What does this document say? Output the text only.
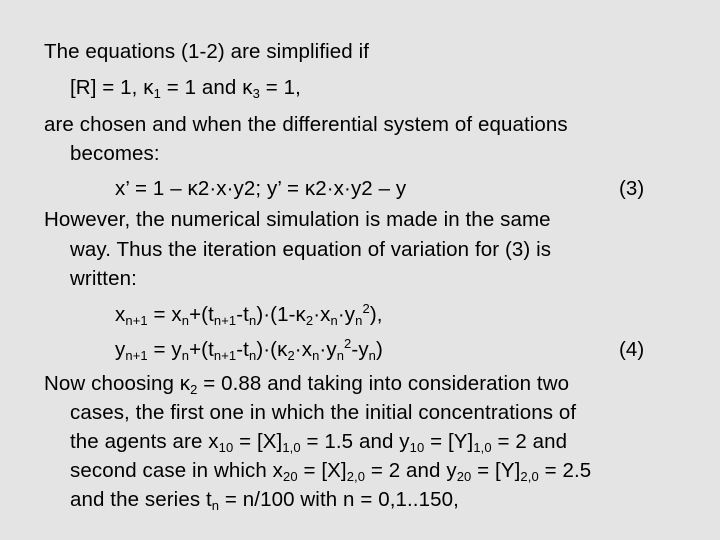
The equations (1-2) are simplified if
[R] = 1, $\kappa_1 = 1$ and $\kappa_3 = 1$,
are chosen and when the differential system of equations
becomes:
x’ = 1 – κ2·x·y2; y’ = κ2·x·y2 – y	(3)
However, the numerical simulation is made in the same
way. Thus the iteration equation of variation for (3) is
written:
$x_{n+1} = x_n+(t_{n+1}-t_n)\cdot(1-\kappa_2\cdot x_n\cdot y_n^2)$,
$y_{n+1} = y_n+(t_{n+1}-t_n)\cdot(\kappa_2\cdot x_n\cdot y_n^2-y_n)$	(4)
Now choosing $\kappa_2 = 0.88$ and taking into consideration two
cases, the first one in which the initial concentrations of
the agents are $x_{10} = [X]_{1,0} = 1.5$ and $y_{10} = [Y]_{1,0} = 2$ and
second case in which $x_{20} = [X]_{2,0} = 2$ and $y_{20} = [Y]_{2,0} = 2.5$
and the series $t_n = n/100$ with n = 0,1..150,
